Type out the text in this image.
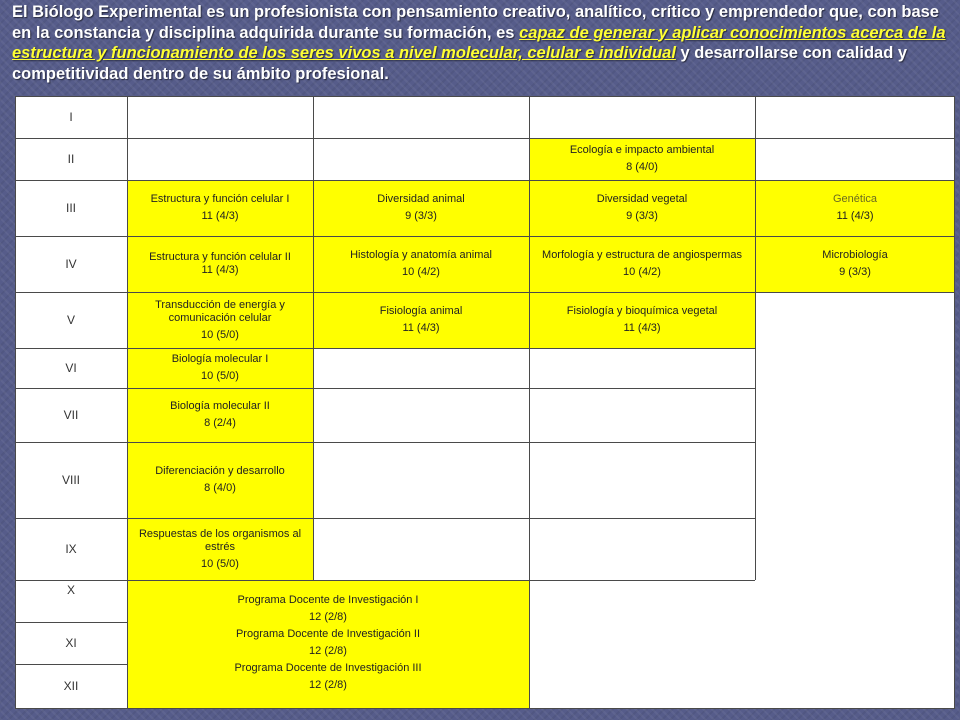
El Biólogo Experimental es un profesionista con pensamiento creativo, analítico, crítico y emprendedor que, con base en la constancia y disciplina adquirida durante su formación, es capaz de generar y aplicar conocimientos acerca de la estructura y funcionamiento de los seres vivos a nivel molecular, celular e individual y desarrollarse con calidad y competitividad dentro de su ámbito profesional.
I
II
III
IV
V
VI
VII
VIII
IX
X
XI
XII
Ecología e impacto ambiental
8 (4/0)
Estructura y función celular I
11 (4/3)
Diversidad animal
9 (3/3)
Diversidad vegetal
9 (3/3)
Genética
11 (4/3)
Estructura y función celular II
11 (4/3)
Histología y anatomía animal
10 (4/2)
Morfología y estructura de angiospermas
10 (4/2)
Microbiología
9 (3/3)
Transducción de energía y comunicación celular
10 (5/0)
Fisiología animal
11 (4/3)
Fisiología y bioquímica vegetal
11 (4/3)
Biología molecular I
10 (5/0)
Biología molecular II
8 (2/4)
Diferenciación y desarrollo
8 (4/0)
Respuestas de los organismos al estrés
10 (5/0)
Programa Docente de Investigación I
12 (2/8)
Programa Docente de Investigación II
12 (2/8)
Programa Docente de Investigación III
12 (2/8)
